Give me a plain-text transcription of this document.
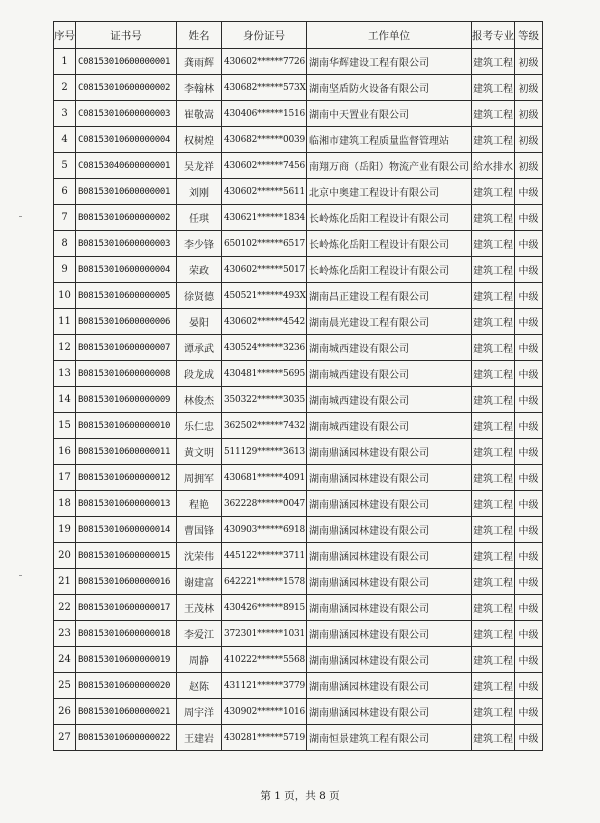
序号	证书号	姓名	身份证号	工作单位	报考专业	等级
1	C08153010600000001	龚雨辉	430602******7726	湖南华辉建设工程有限公司	建筑工程	初级
2	C08153010600000002	李翰林	430682******573X	湖南坚盾防火设备有限公司	建筑工程	初级
3	C08153010600000003	崔敬嵩	430406******1516	湖南中天置业有限公司	建筑工程	初级
4	C08153010600000004	权树煌	430682******0039	临湘市建筑工程质量监督管理站	建筑工程	初级
5	C08153040600000001	吴龙祥	430602******7456	南翔万商（岳阳）物流产业有限公司	给水排水	初级
6	B08153010600000001	刘刚	430602******5611	北京中奥建工程设计有限公司	建筑工程	中级
7	B08153010600000002	任琪	430621******1834	长岭炼化岳阳工程设计有限公司	建筑工程	中级
8	B08153010600000003	李少锋	650102******6517	长岭炼化岳阳工程设计有限公司	建筑工程	中级
9	B08153010600000004	荣政	430602******5017	长岭炼化岳阳工程设计有限公司	建筑工程	中级
10	B08153010600000005	徐贤德	450521******493X	湖南昌正建设工程有限公司	建筑工程	中级
11	B08153010600000006	晏阳	430602******4542	湖南晨光建设工程有限公司	建筑工程	中级
12	B08153010600000007	谭承武	430524******3236	湖南城西建设有限公司	建筑工程	中级
13	B08153010600000008	段龙成	430481******5695	湖南城西建设有限公司	建筑工程	中级
14	B08153010600000009	林俊杰	350322******3035	湖南城西建设有限公司	建筑工程	中级
15	B08153010600000010	乐仁忠	362502******7432	湖南城西建设有限公司	建筑工程	中级
16	B08153010600000011	黄文明	511129******3613	湖南鼎涵园林建设有限公司	建筑工程	中级
17	B08153010600000012	周拥军	430681******4091	湖南鼎涵园林建设有限公司	建筑工程	中级
18	B08153010600000013	程艳	362228******0047	湖南鼎涵园林建设有限公司	建筑工程	中级
19	B08153010600000014	曹国锋	430903******6918	湖南鼎涵园林建设有限公司	建筑工程	中级
20	B08153010600000015	沈荣伟	445122******3711	湖南鼎涵园林建设有限公司	建筑工程	中级
21	B08153010600000016	谢建富	642221******1578	湖南鼎涵园林建设有限公司	建筑工程	中级
22	B08153010600000017	王茂林	430426******8915	湖南鼎涵园林建设有限公司	建筑工程	中级
23	B08153010600000018	李爱江	372301******1031	湖南鼎涵园林建设有限公司	建筑工程	中级
24	B08153010600000019	周静	410222******5568	湖南鼎涵园林建设有限公司	建筑工程	中级
25	B08153010600000020	赵陈	431121******3779	湖南鼎涵园林建设有限公司	建筑工程	中级
26	B08153010600000021	周宇洋	430902******1016	湖南鼎涵园林建设有限公司	建筑工程	中级
27	B08153010600000022	王建岩	430281******5719	湖南恒景建筑工程有限公司	建筑工程	中级
第 1 页，共 8 页
